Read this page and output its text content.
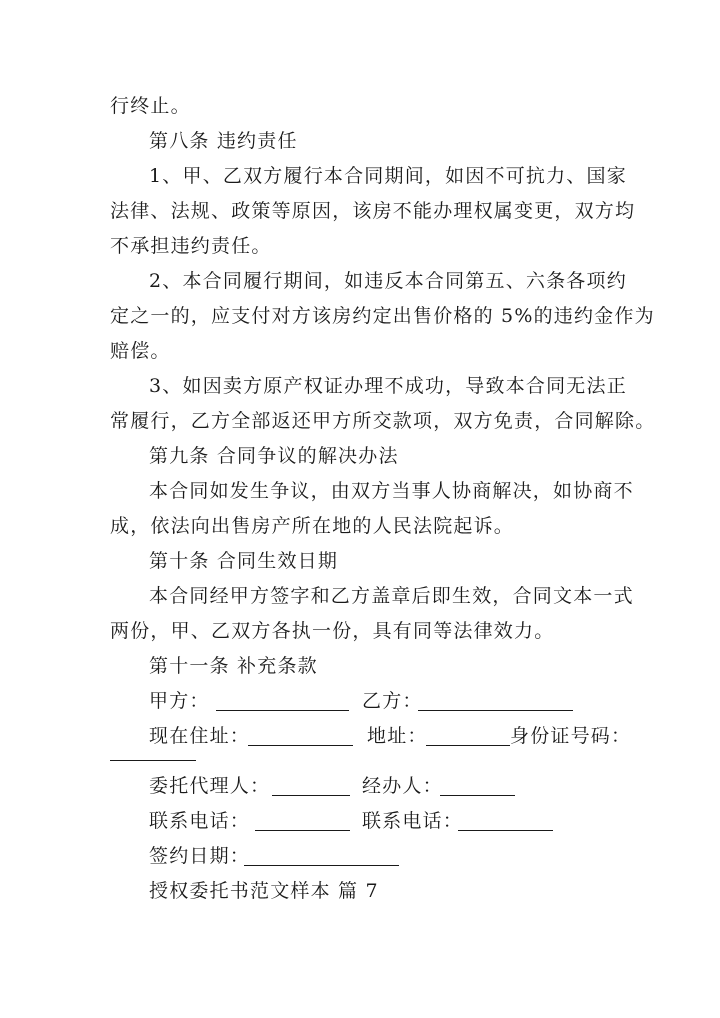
行终止。
第八条 违约责任
1、甲、乙双方履行本合同期间，如因不可抗力、国家
法律、法规、政策等原因，该房不能办理权属变更，双方均
不承担违约责任。
2、本合同履行期间，如违反本合同第五、六条各项约
定之一的，应支付对方该房约定出售价格的 5%的违约金作为
赔偿。
3、如因卖方原产权证办理不成功，导致本合同无法正
常履行，乙方全部返还甲方所交款项，双方免责，合同解除。
第九条 合同争议的解决办法
本合同如发生争议，由双方当事人协商解决，如协商不
成，依法向出售房产所在地的人民法院起诉。
第十条 合同生效日期
本合同经甲方签字和乙方盖章后即生效，合同文本一式
两份，甲、乙双方各执一份，具有同等法律效力。
第十一条 补充条款
甲方：	乙方：
现在住址：	地址：	身份证号码：
委托代理人：	经办人：
联系电话：	联系电话：
签约日期：
授权委托书范文样本 篇 7
